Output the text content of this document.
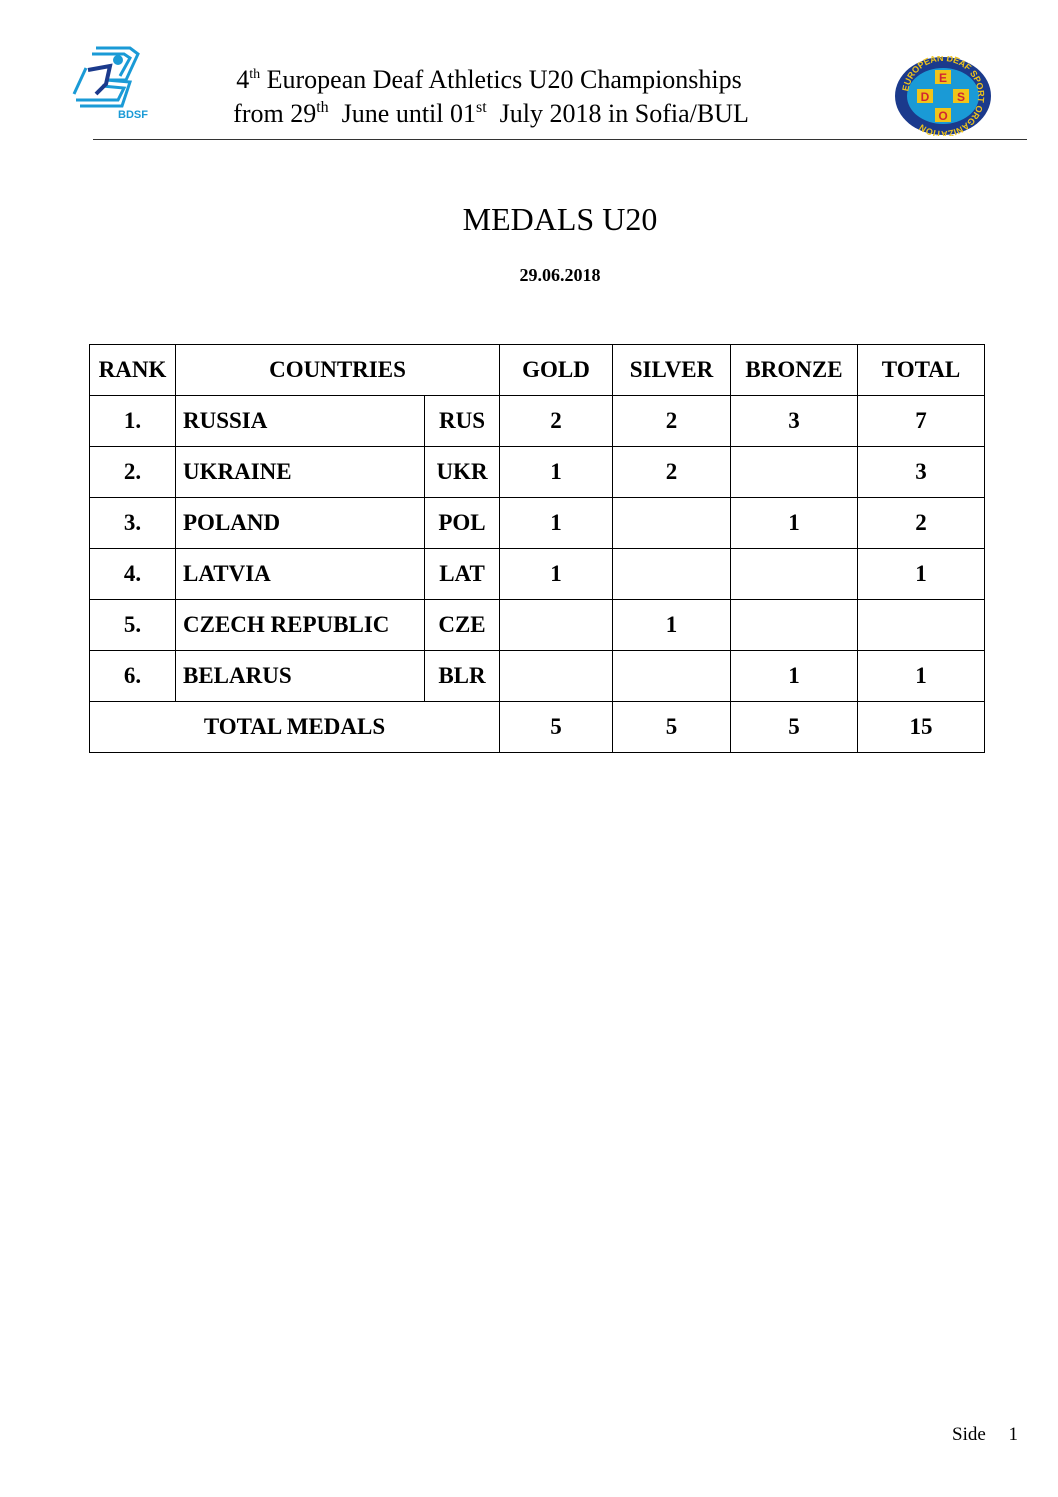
BDSF
4th European Deaf Athletics U20 Championships
from 29th  June until 01st  July 2018 in Sofia/BUL
EUROPEAN DEAF SPORT ORGANIZATION
E
D S
O
MEDALS U20
29.06.2018
RANK	COUNTRIES		GOLD	SILVER	BRONZE	TOTAL
1.	RUSSIA	RUS	2	2	3	7
2.	UKRAINE	UKR	1	2		3
3.	POLAND	POL	1		1	2
4.	LATVIA	LAT	1			1
5.	CZECH REPUBLIC	CZE		1		
6.	BELARUS	BLR			1	1
TOTAL MEDALS			5	5	5	15
Side 1
